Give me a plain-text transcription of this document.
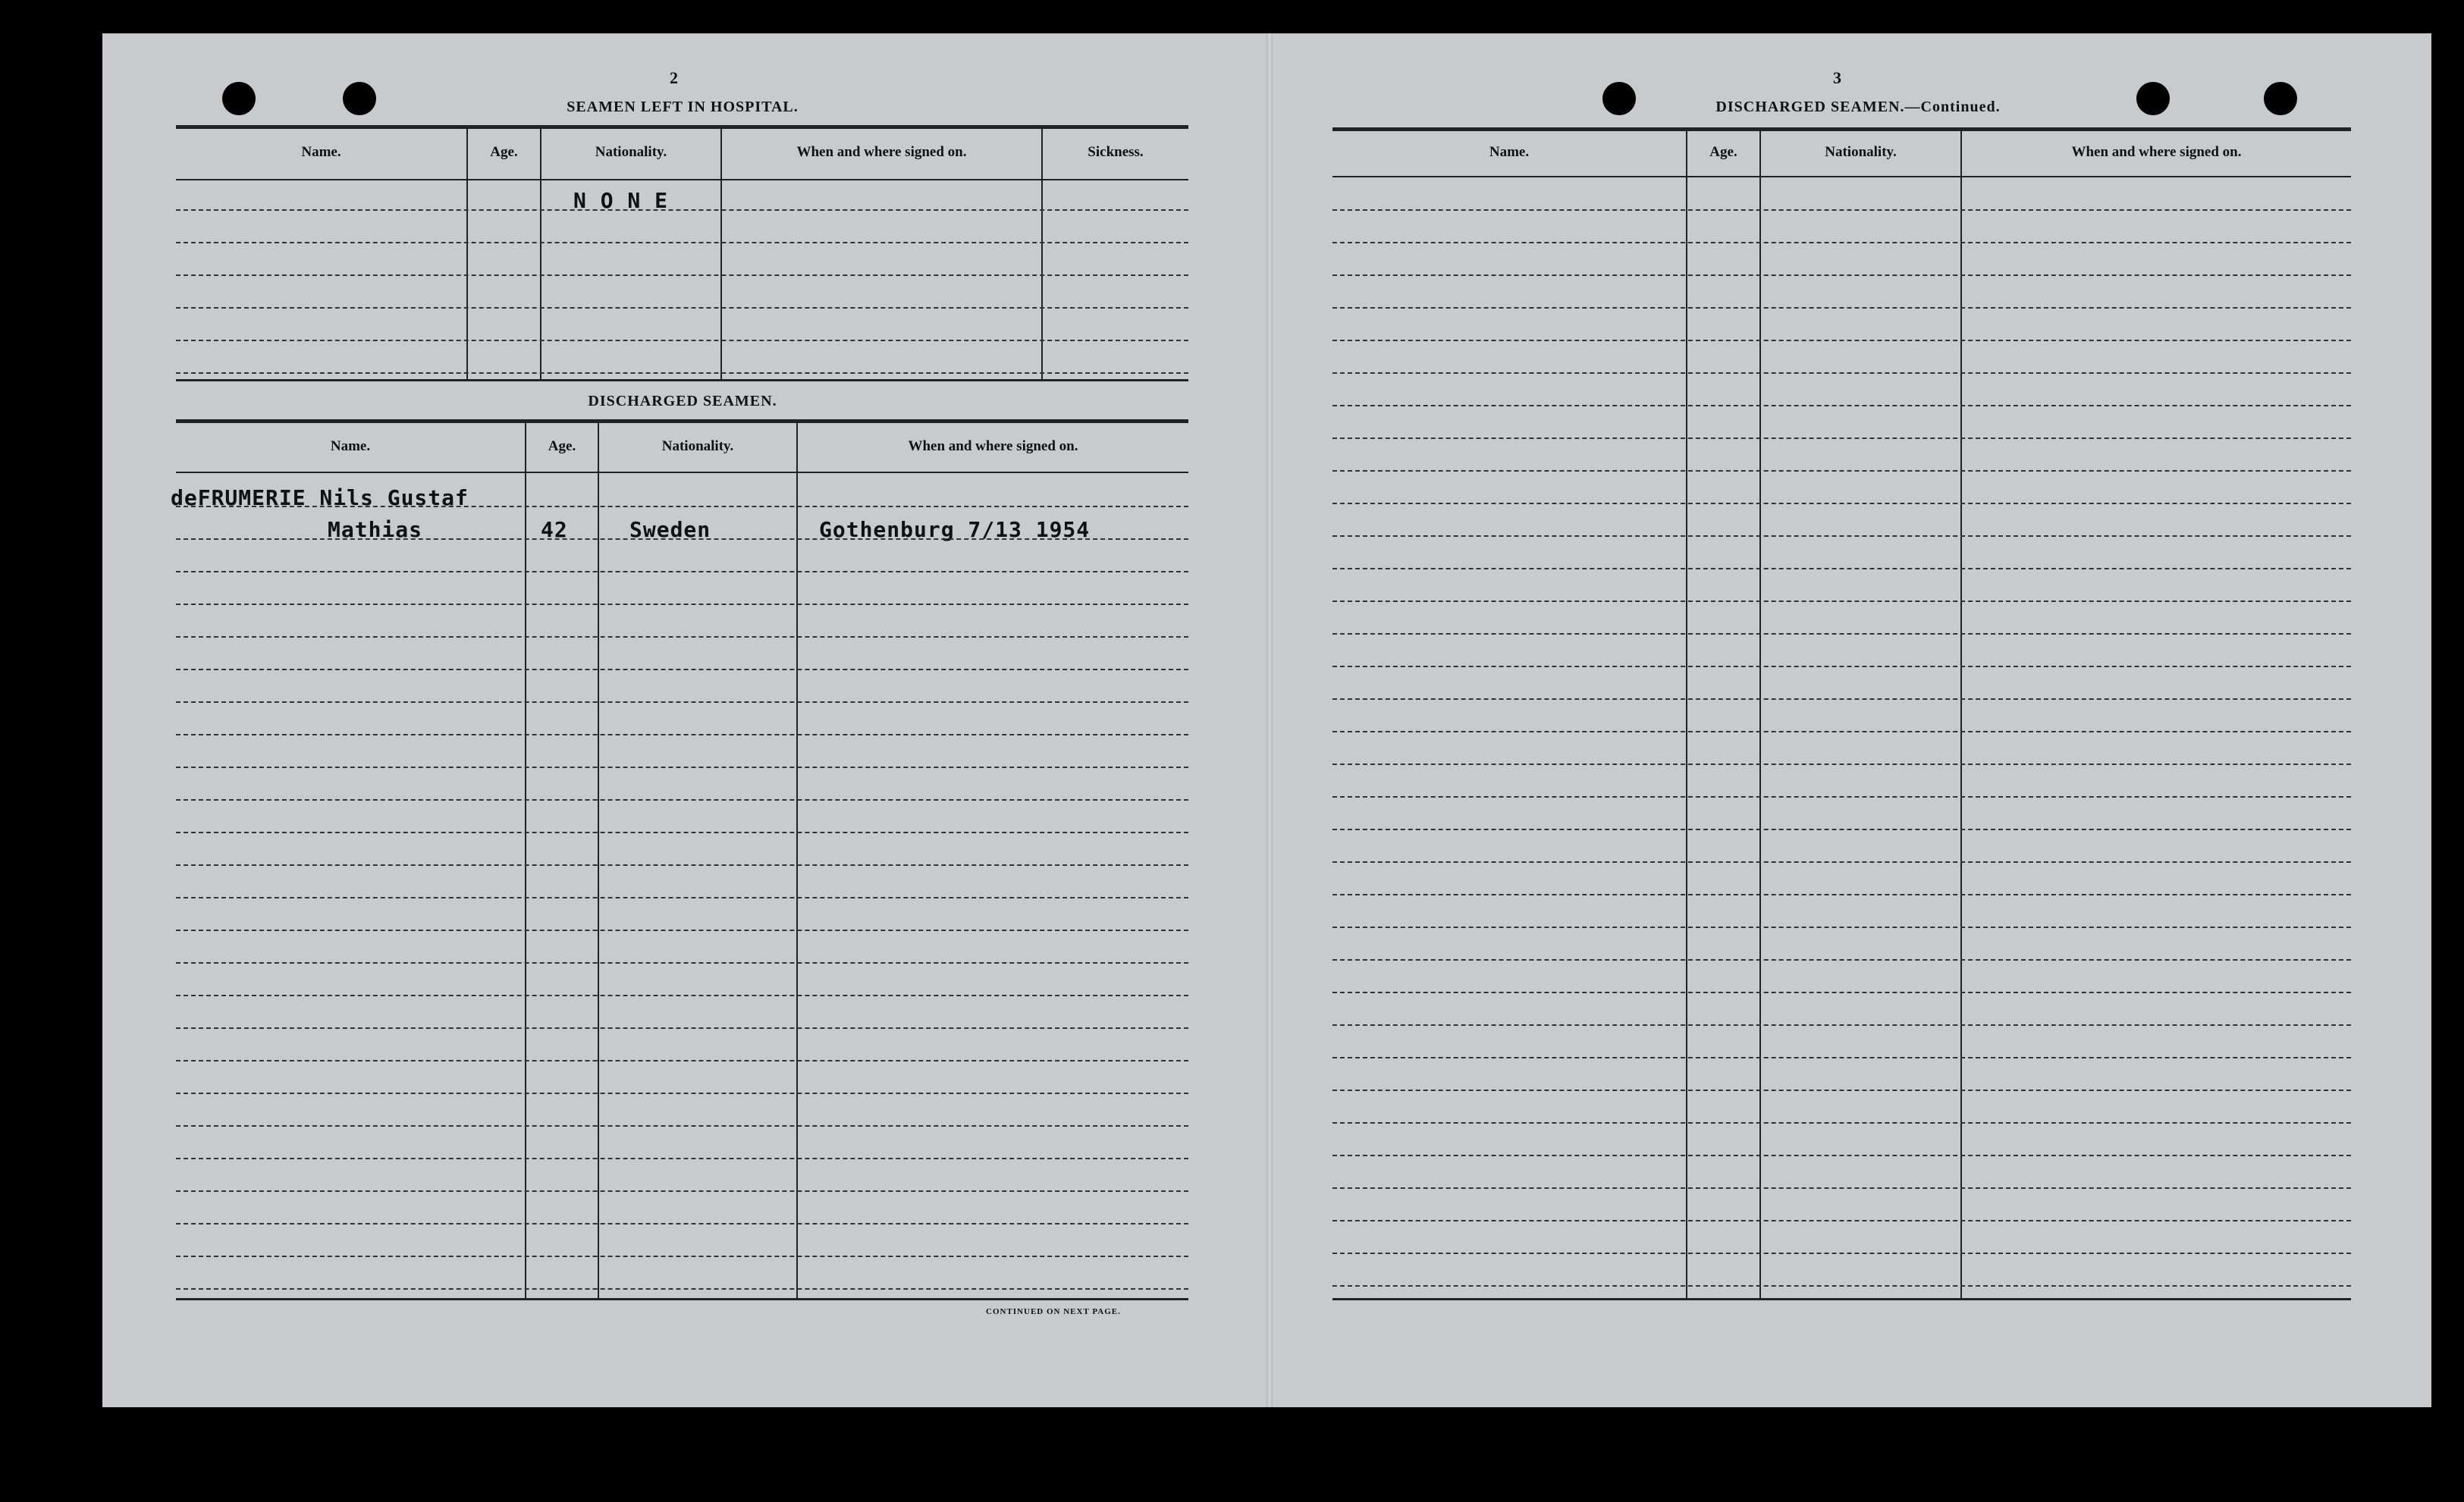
2
SEAMEN LEFT IN HOSPITAL.
Name.	Age.	Nationality.	When and where signed on.	Sickness.
N O N E
DISCHARGED SEAMEN.
Name.	Age.	Nationality.	When and where signed on.
deFRUMERIE Nils Gustaf
Mathias	42	Sweden	Gothenburg 7/13 1954
CONTINUED ON NEXT PAGE.
3
DISCHARGED SEAMEN.—Continued.
Name.	Age.	Nationality.	When and where signed on.
